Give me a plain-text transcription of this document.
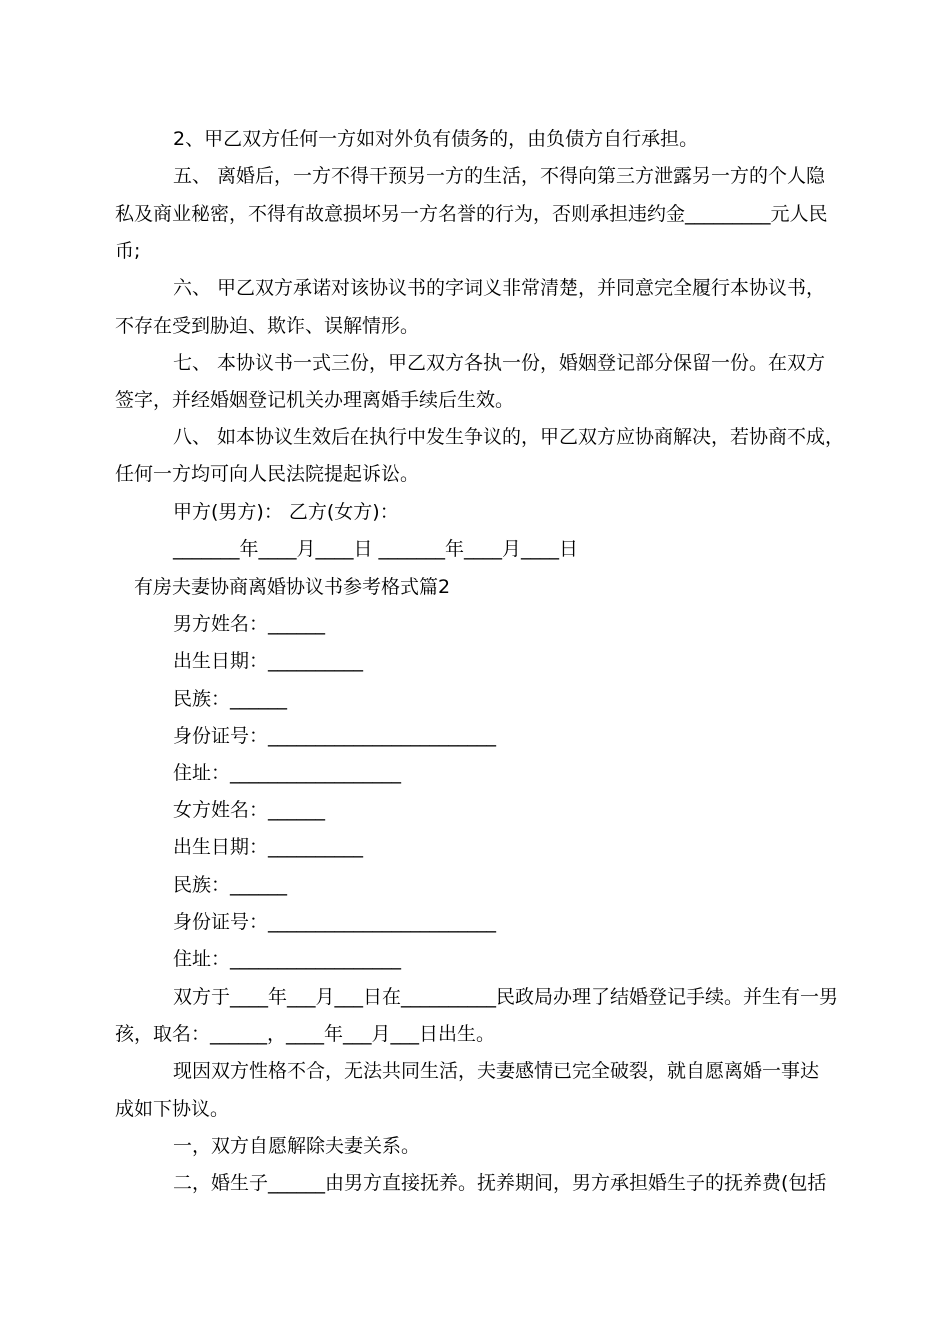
2、甲乙双方任何一方如对外负有债务的，由负债方自行承担。
五、 离婚后，一方不得干预另一方的生活，不得向第三方泄露另一方的个人隐
私及商业秘密，不得有故意损坏另一方名誉的行为，否则承担违约金_________元人民
币;
六、 甲乙双方承诺对该协议书的字词义非常清楚，并同意完全履行本协议书，
不存在受到胁迫、欺诈、误解情形。
七、 本协议书一式三份，甲乙双方各执一份，婚姻登记部分保留一份。在双方
签字，并经婚姻登记机关办理离婚手续后生效。
八、 如本协议生效后在执行中发生争议的，甲乙双方应协商解决，若协商不成，
任何一方均可向人民法院提起诉讼。
甲方(男方)： 乙方(女方)：
_______年____月____日 _______年____月____日
有房夫妻协商离婚协议书参考格式篇2
男方姓名：______
出生日期：__________
民族：______
身份证号：________________________
住址：__________________
女方姓名：______
出生日期：__________
民族：______
身份证号：________________________
住址：__________________
双方于____年___月___日在__________民政局办理了结婚登记手续。并生有一男
孩，取名：______，____年___月___日出生。
现因双方性格不合，无法共同生活，夫妻感情已完全破裂，就自愿离婚一事达
成如下协议。
一，双方自愿解除夫妻关系。
二，婚生子______由男方直接抚养。抚养期间，男方承担婚生子的抚养费(包括
